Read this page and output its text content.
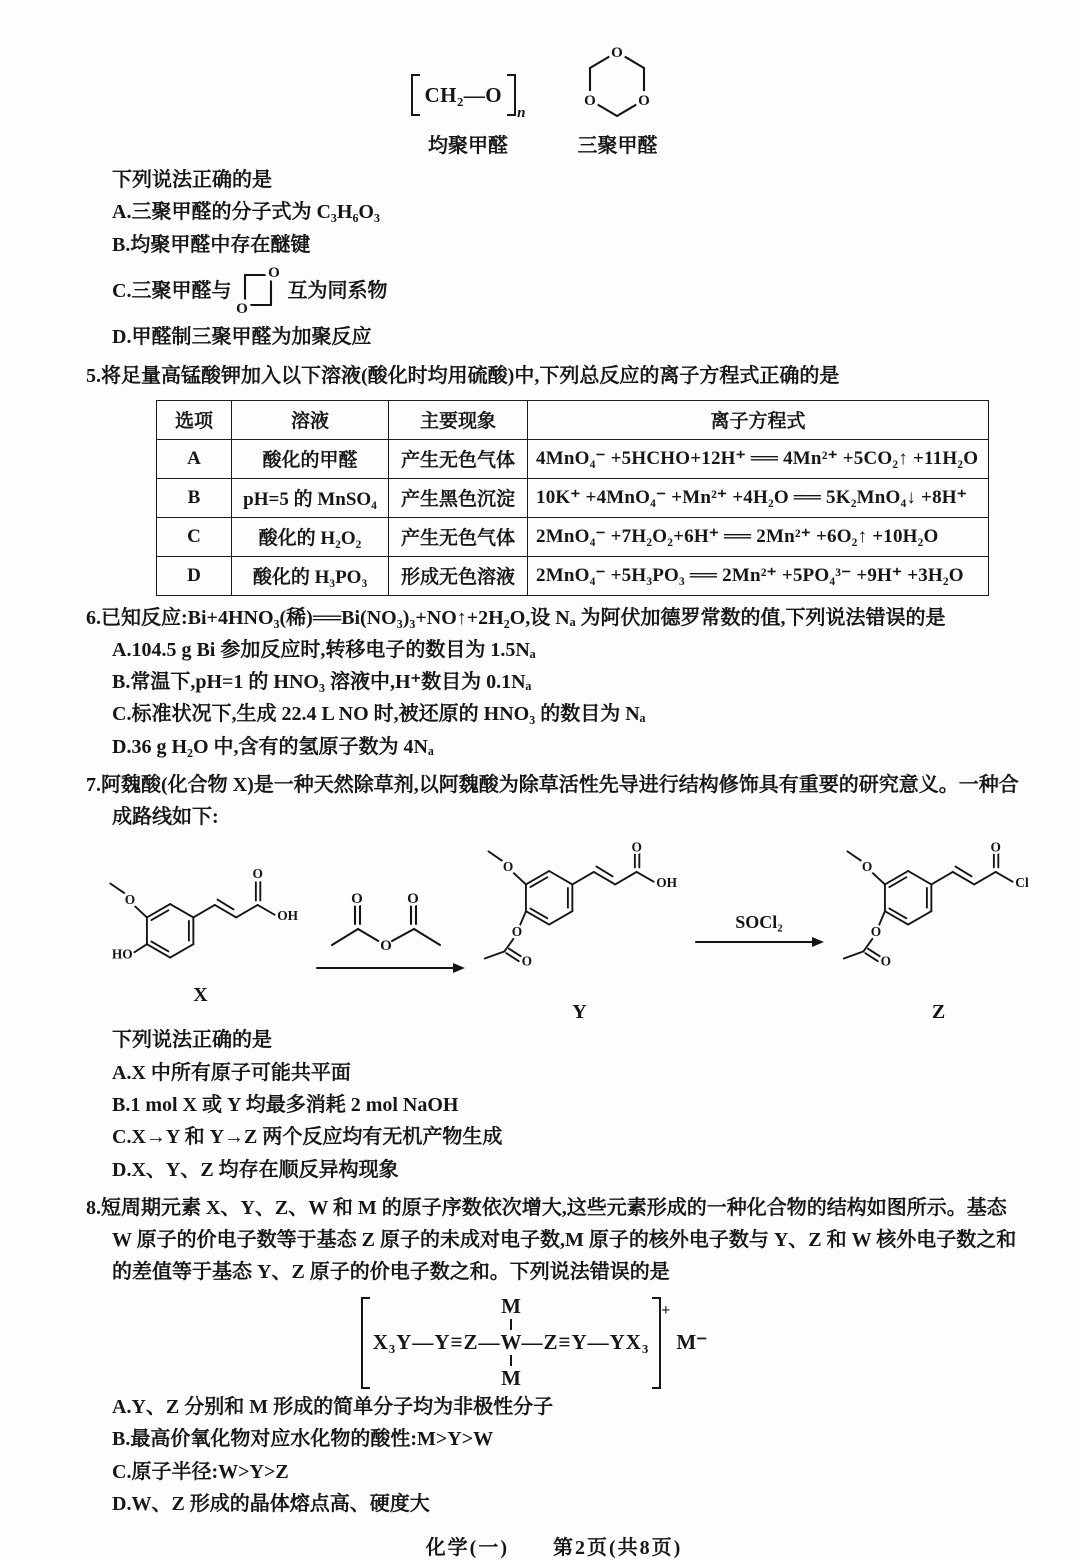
CH₂—O
n
均聚甲醛
O
O	O
三聚甲醛
下列说法正确的是
A.三聚甲醛的分子式为 C₃H₆O₃
B.均聚甲醛中存在醚键
C.三聚甲醛与
O
O
互为同系物
D.甲醛制三聚甲醛为加聚反应
5.将足量高锰酸钾加入以下溶液(酸化时均用硫酸)中,下列总反应的离子方程式正确的是
选项	溶液	主要现象	离子方程式
A	酸化的甲醛	产生无色气体	4MnO₄⁻ +5HCHO+12H⁺ ══ 4Mn²⁺ +5CO₂↑ +11H₂O
B	pH=5 的 MnSO₄	产生黑色沉淀	10K⁺ +4MnO₄⁻ +Mn²⁺ +4H₂O ══ 5K₂MnO₄↓ +8H⁺
C	酸化的 H₂O₂	产生无色气体	2MnO₄⁻ +7H₂O₂+6H⁺ ══ 2Mn²⁺ +6O₂↑ +10H₂O
D	酸化的 H₃PO₃	形成无色溶液	2MnO₄⁻ +5H₃PO₃ ══ 2Mn²⁺ +5PO₄³⁻ +9H⁺ +3H₂O
6.已知反应:Bi+4HNO₃(稀)══Bi(NO₃)₃+NO↑+2H₂O,设 Nₐ 为阿伏加德罗常数的值,下列说法错误的是
A.104.5 g Bi 参加反应时,转移电子的数目为 1.5Nₐ
B.常温下,pH=1 的 HNO₃ 溶液中,H⁺数目为 0.1Nₐ
C.标准状况下,生成 22.4 L NO 时,被还原的 HNO₃ 的数目为 Nₐ
D.36 g H₂O 中,含有的氢原子数为 4Nₐ
7.阿魏酸(化合物 X)是一种天然除草剂,以阿魏酸为除草活性先导进行结构修饰具有重要的研究意义。一种合成路线如下:
O
HO
O
OH
X
O
O
O
O
O
OH
O
O
Y
SOCl₂
O
O
Cl
O
O
Z
下列说法正确的是
A.X 中所有原子可能共平面
B.1 mol X 或 Y 均最多消耗 2 mol NaOH
C.X→Y 和 Y→Z 两个反应均有无机产物生成
D.X、Y、Z 均存在顺反异构现象
8.短周期元素 X、Y、Z、W 和 M 的原子序数依次增大,这些元素形成的一种化合物的结构如图所示。基态 W 原子的价电子数等于基态 Z 原子的未成对电子数,M 原子的核外电子数与 Y、Z 和 W 核外电子数之和的差值等于基态 Y、Z 原子的价电子数之和。下列说法错误的是
X₃Y—Y≡Z—
M
W
M
—Z≡Y—YX₃
+
M⁻
A.Y、Z 分别和 M 形成的简单分子均为非极性分子
B.最高价氧化物对应水化物的酸性:M>Y>W
C.原子半径:W>Y>Z
D.W、Z 形成的晶体熔点高、硬度大
化学(一)　　第2页(共8页)
